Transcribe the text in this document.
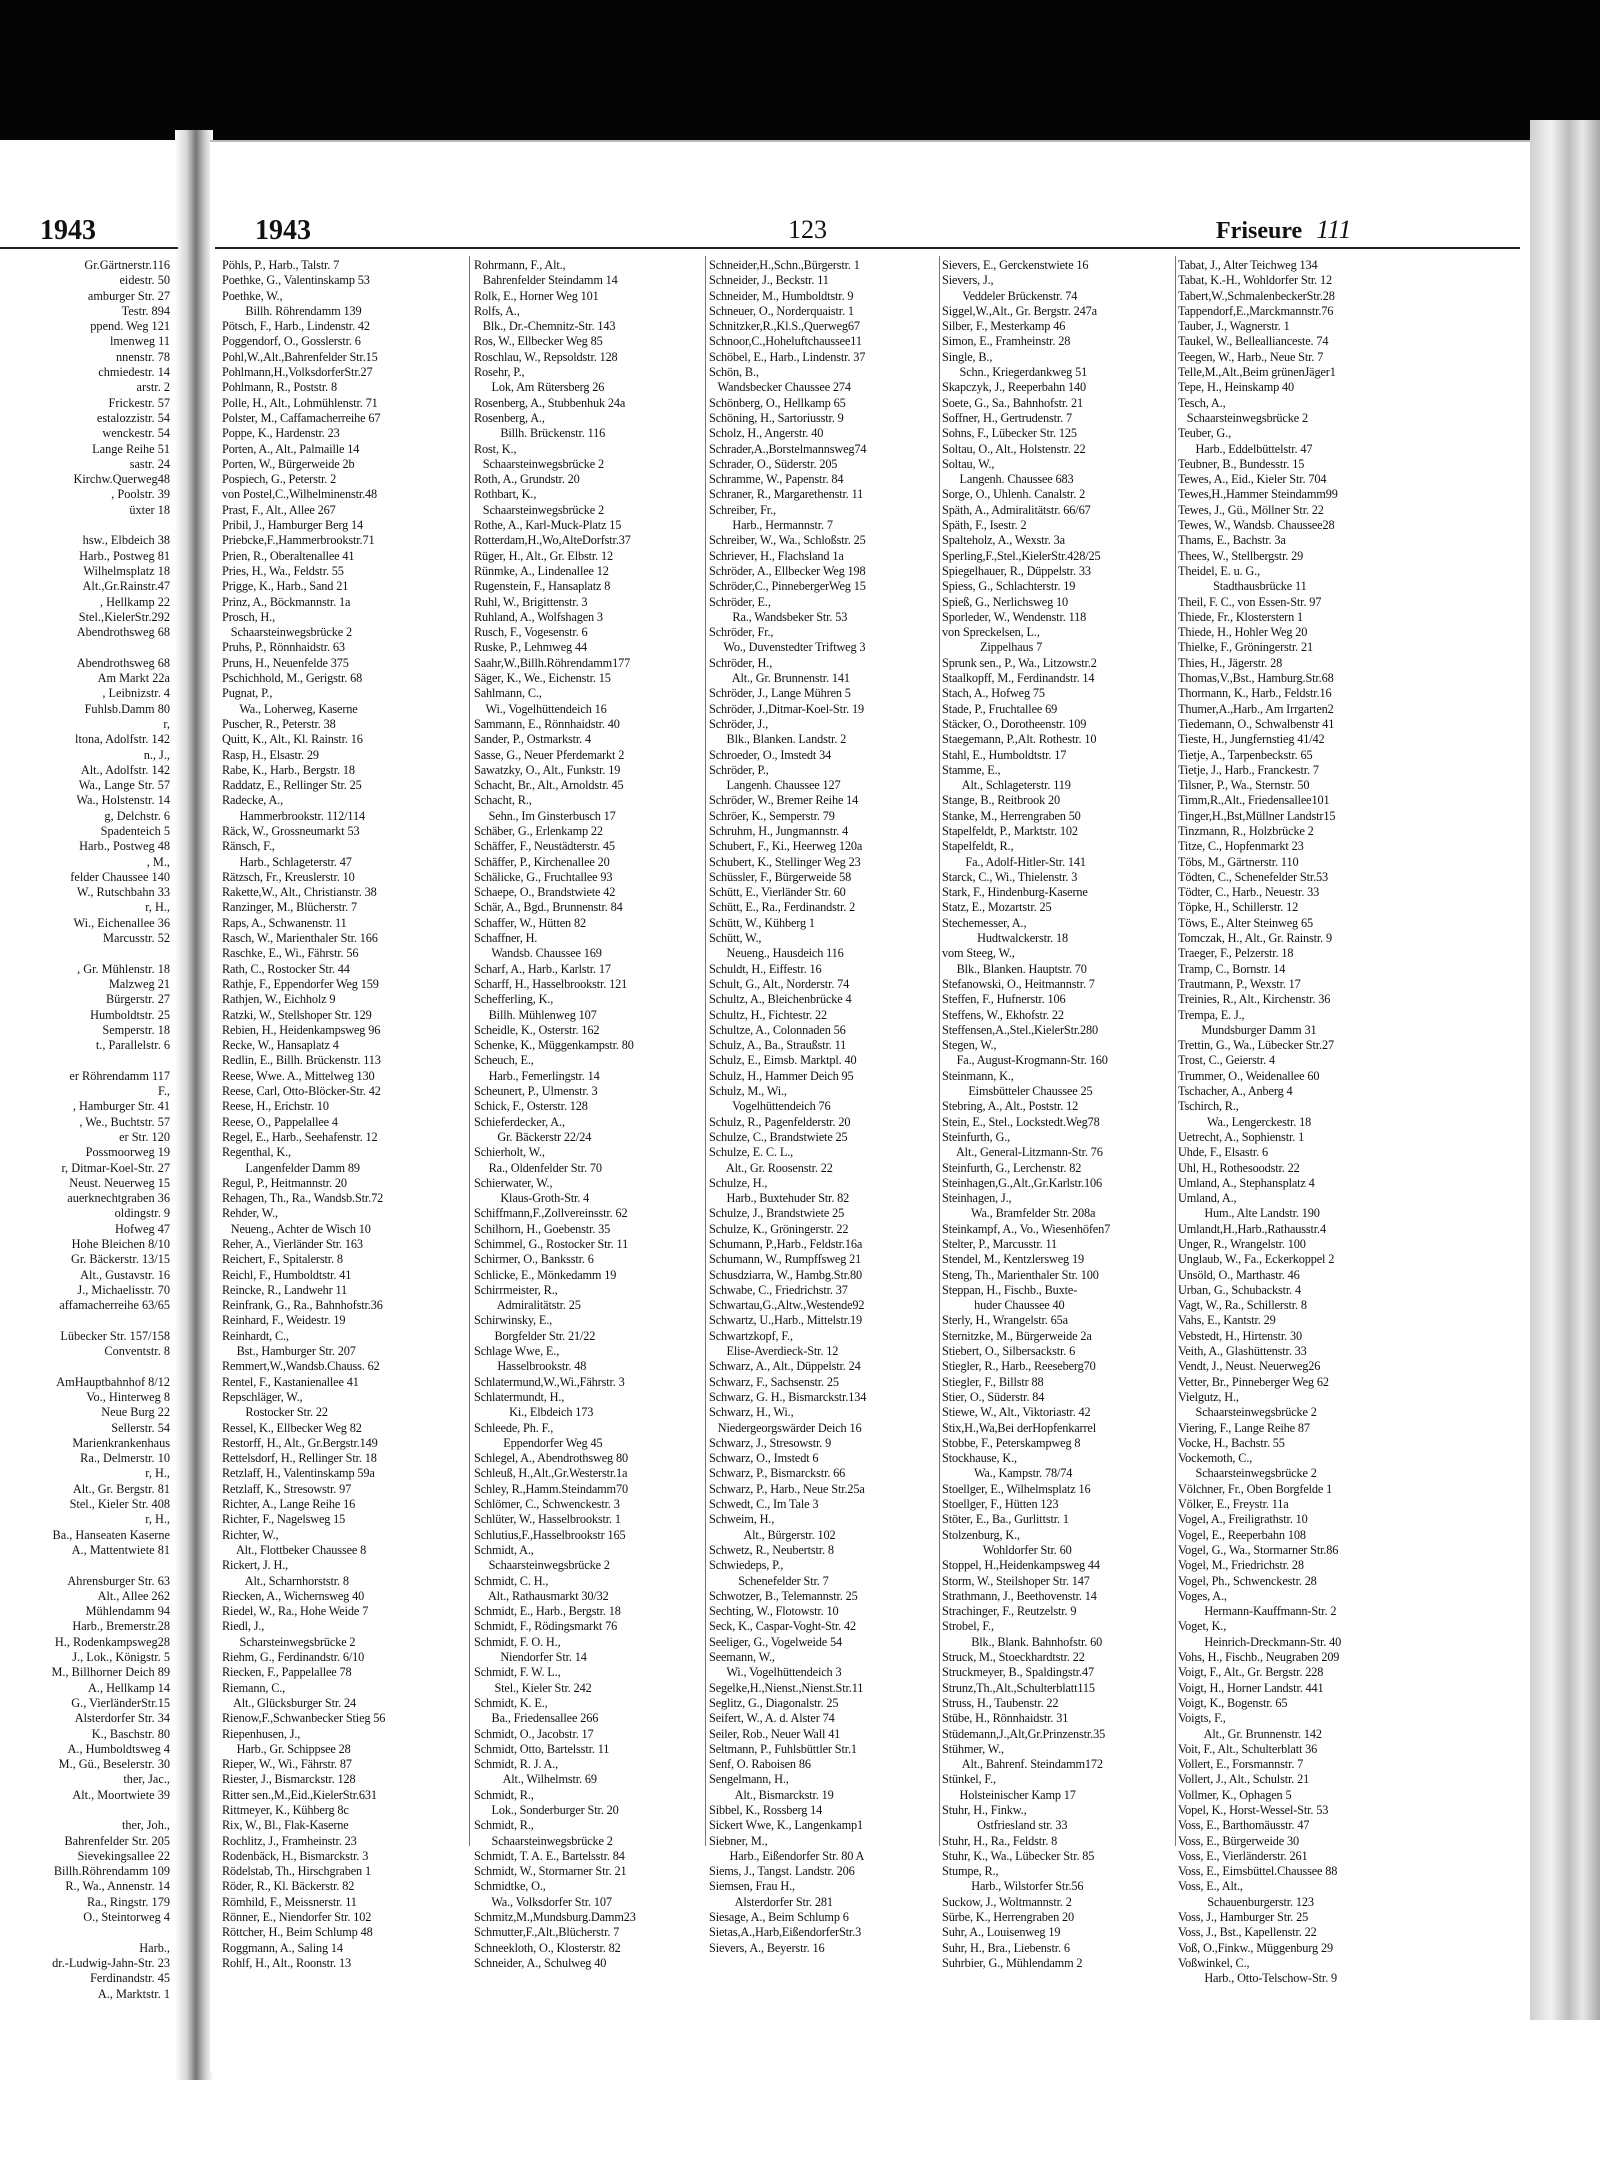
1943	1943	123	Friseure 111
Gr.Gärtnerstr.116
eidestr. 50
amburger Str. 27
Testr. 894
ppend. Weg 121
lmenweg 11
nnenstr. 78
chmiedestr. 14
arstr. 2
Frickestr. 57
estalozzistr. 54
wenckestr. 54
Lange Reihe 51
sastr. 24
Kirchw.Querweg48
, Poolstr. 39
üxter 18

hsw., Elbdeich 38
Harb., Postweg 81
Wilhelmsplatz 18
Alt.,Gr.Rainstr.47
, Hellkamp 22
Stel.,KielerStr.292
Abendrothsweg 68

Abendrothsweg 68
Am Markt 22a
, Leibnizstr. 4
Fuhlsb.Damm 80
r,
ltona, Adolfstr. 142
n., J.,
Alt., Adolfstr. 142
Wa., Lange Str. 57
Wa., Holstenstr. 14
g, Delchstr. 6
Spadenteich 5
Harb., Postweg 48
, M.,
felder Chaussee 140
W., Rutschbahn 33
r, H.,
Wi., Eichenallee 36
Marcusstr. 52

, Gr. Mühlenstr. 18
Malzweg 21
Bürgerstr. 27
Humboldtstr. 25
Semperstr. 18
t., Parallelstr. 6

er Röhrendamm 117
F.,
, Hamburger Str. 41
, We., Buchtstr. 57
er Str. 120
Possmoorweg 19
r, Ditmar-Koel-Str. 27
Neust. Neuerweg 15
auerknechtgraben 36
oldingstr. 9
Hofweg 47
Hohe Bleichen 8/10
Gr. Bäckerstr. 13/15
Alt., Gustavstr. 16
J., Michaelisstr. 70
affamacherreihe 63/65

Lübecker Str. 157/158
Conventstr. 8

AmHauptbahnhof 8/12
Vo., Hinterweg 8
Neue Burg 22
Sellerstr. 54
Marienkrankenhaus
Ra., Delmerstr. 10
r, H.,
Alt., Gr. Bergstr. 81
Stel., Kieler Str. 408
r, H.,
Ba., Hanseaten Kaserne
A., Mattentwiete 81

Ahrensburger Str. 63
Alt., Allee 262
Mühlendamm 94
Harb., Bremerstr.28
H., Rodenkampsweg28
J., Lok., Königstr. 5
M., Billhorner Deich 89
A., Hellkamp 14
G., VierländerStr.15
Alsterdorfer Str. 34
K., Baschstr. 80
A., Humboldtsweg 4
M., Gü., Beselerstr. 30
ther, Jac.,
Alt., Moortwiete 39

ther, Joh.,
Bahrenfelder Str. 205
Sievekingsallee 22
Billh.Röhrendamm 109
R., Wa., Annenstr. 14
Ra., Ringstr. 179
O., Steintorweg 4

Harb.,
dr.-Ludwig-Jahn-Str. 23
Ferdinandstr. 45
A., Marktstr. 1
Pöhls, P., Harb., Talstr. 7
Poethke, G., Valentinskamp 53
Poethke, W.,
Billh. Röhrendamm 139
Pötsch, F., Harb., Lindenstr. 42
Poggendorf, O., Gosslerstr. 6
Pohl,W.,Alt.,Bahrenfelder Str.15
Pohlmann,H.,VolksdorferStr.27
Pohlmann, R., Poststr. 8
Polle, H., Alt., Lohmühlenstr. 71
Polster, M., Caffamacherreihe 67
Poppe, K., Hardenstr. 23
Porten, A., Alt., Palmaille 14
Porten, W., Bürgerweide 2b
Pospiech, G., Peterstr. 2
von Postel,C.,Wilhelminenstr.48
Prast, F., Alt., Allee 267
Pribil, J., Hamburger Berg 14
Priebcke,F.,Hammerbrookstr.71
Prien, R., Oberaltenallee 41
Pries, H., Wa., Feldstr. 55
Prigge, K., Harb., Sand 21
Prinz, A., Böckmannstr. 1a
Prosch, H.,
Schaarsteinwegsbrücke 2
Pruhs, P., Rönnhaidstr. 63
Pruns, H., Neuenfelde 375
Pschichhold, M., Gerigstr. 68
Pugnat, P.,
Wa., Loherweg, Kaserne
Puscher, R., Peterstr. 38
Quitt, K., Alt., Kl. Rainstr. 16
Rasp, H., Elsastr. 29
Rabe, K., Harb., Bergstr. 18
Raddatz, E., Rellinger Str. 25
Radecke, A.,
Hammerbrookstr. 112/114
Räck, W., Grossneumarkt 53
Ränsch, F.,
Harb., Schlageterstr. 47
Rätzsch, Fr., Kreuslerstr. 10
Rakette,W., Alt., Christianstr. 38
Ranzinger, M., Blücherstr. 7
Raps, A., Schwanenstr. 11
Rasch, W., Marienthaler Str. 166
Raschke, E., Wi., Fährstr. 56
Rath, C., Rostocker Str. 44
Rathje, F., Eppendorfer Weg 159
Rathjen, W., Eichholz 9
Ratzki, W., Stellshoper Str. 129
Rebien, H., Heidenkampsweg 96
Recke, W., Hansaplatz 4
Redlin, E., Billh. Brückenstr. 113
Reese, Wwe. A., Mittelweg 130
Reese, Carl, Otto-Blöcker-Str. 42
Reese, H., Erichstr. 10
Reese, O., Pappelallee 4
Regel, E., Harb., Seehafenstr. 12
Regenthal, K.,
Langenfelder Damm 89
Regul, P., Heitmannstr. 20
Rehagen, Th., Ra., Wandsb.Str.72
Rehder, W.,
Neueng., Achter de Wisch 10
Reher, A., Vierländer Str. 163
Reichert, F., Spitalerstr. 8
Reichl, F., Humboldtstr. 41
Reincke, R., Landwehr 11
Reinfrank, G., Ra., Bahnhofstr.36
Reinhard, F., Weidestr. 19
Reinhardt, C.,
Bst., Hamburger Str. 207
Remmert,W.,Wandsb.Chauss. 62
Rentel, F., Kastanienallee 41
Repschläger, W.,
Rostocker Str. 22
Ressel, K., Ellbecker Weg 82
Restorff, H., Alt., Gr.Bergstr.149
Rettelsdorf, H., Rellinger Str. 18
Retzlaff, H., Valentinskamp 59a
Retzlaff, K., Stresowstr. 97
Richter, A., Lange Reihe 16
Richter, F., Nagelsweg 15
Richter, W.,
Alt., Flottbeker Chaussee 8
Rickert, J. H.,
Alt., Scharnhorststr. 8
Riecken, A., Wichernsweg 40
Riedel, W., Ra., Hohe Weide 7
Riedl, J.,
Scharsteinwegsbrücke 2
Riehm, G., Ferdinandstr. 6/10
Riecken, F., Pappelallee 78
Riemann, C.,
Alt., Glücksburger Str. 24
Rienow,F.,Schwanbecker Stieg 56
Riepenhusen, J.,
Harb., Gr. Schippsee 28
Rieper, W., Wi., Fährstr. 87
Riester, J., Bismarckstr. 128
Ritter sen.,M.,Eid.,KielerStr.631
Rittmeyer, K., Kühberg 8c
Rix, W., Bl., Flak-Kaserne
Rochlitz, J., Framheinstr. 23
Rodenbäck, H., Bismarckstr. 3
Rödelstab, Th., Hirschgraben 1
Röder, R., Kl. Bäckerstr. 82
Römhild, F., Meissnerstr. 11
Rönner, E., Niendorfer Str. 102
Röttcher, H., Beim Schlump 48
Roggmann, A., Saling 14
Rohlf, H., Alt., Roonstr. 13
Rohrmann, F., Alt.,
Bahrenfelder Steindamm 14
Rolk, E., Horner Weg 101
Rolfs, A.,
Blk., Dr.-Chemnitz-Str. 143
Ros, W., Ellbecker Weg 85
Roschlau, W., Repsoldstr. 128
Rosehr, P.,
Lok, Am Rütersberg 26
Rosenberg, A., Stubbenhuk 24a
Rosenberg, A.,
Billh. Brückenstr. 116
Rost, K.,
Schaarsteinwegsbrücke 2
Roth, A., Grundstr. 20
Rothbart, K.,
Schaarsteinwegsbrücke 2
Rothe, A., Karl-Muck-Platz 15
Rotterdam,H.,Wo,AlteDorfstr.37
Rüger, H., Alt., Gr. Elbstr. 12
Rünmke, A., Lindenallee 12
Rugenstein, F., Hansaplatz 8
Ruhl, W., Brigittenstr. 3
Ruhland, A., Wolfshagen 3
Rusch, F., Vogesenstr. 6
Ruske, P., Lehmweg 44
Saahr,W.,Billh.Röhrendamm177
Säger, K., We., Eichenstr. 15
Sahlmann, C.,
Wi., Vogelhüttendeich 16
Sammann, E., Rönnhaidstr. 40
Sander, P., Ostmarkstr. 4
Sasse, G., Neuer Pferdemarkt 2
Sawatzky, O., Alt., Funkstr. 19
Schacht, Br., Alt., Arnoldstr. 45
Schacht, R.,
Sehn., Im Ginsterbusch 17
Schäber, G., Erlenkamp 22
Schäffer, F., Neustädterstr. 45
Schäffer, P., Kirchenallee 20
Schälicke, G., Fruchtallee 93
Schaepe, O., Brandstwiete 42
Schär, A., Bgd., Brunnenstr. 84
Schaffer, W., Hütten 82
Schaffner, H.
Wandsb. Chaussee 169
Scharf, A., Harb., Karlstr. 17
Scharff, H., Hasselbrookstr. 121
Schefferling, K.,
Billh. Mühlenweg 107
Scheidle, K., Osterstr. 162
Schenke, K., Müggenkampstr. 80
Scheuch, E.,
Harb., Femerlingstr. 14
Scheunert, P., Ulmenstr. 3
Schick, F., Osterstr. 128
Schieferdecker, A.,
Gr. Bäckerstr 22/24
Schierholt, W.,
Ra., Oldenfelder Str. 70
Schierwater, W.,
Klaus-Groth-Str. 4
Schiffmann,F.,Zollvereinsstr. 62
Schilhorn, H., Goebenstr. 35
Schimmel, G., Rostocker Str. 11
Schirmer, O., Banksstr. 6
Schlicke, E., Mönkedamm 19
Schirrmeister, R.,
Admiralitätstr. 25
Schirwinsky, E.,
Borgfelder Str. 21/22
Schlage Wwe, E.,
Hasselbrookstr. 48
Schlatermund,W.,Wi.,Fährstr. 3
Schlatermundt, H.,
Ki., Elbdeich 173
Schleede, Ph. F.,
Eppendorfer Weg 45
Schlegel, A., Abendrothsweg 80
Schleuß, H.,Alt.,Gr.Westerstr.1a
Schley, R.,Hamm.Steindamm70
Schlömer, C., Schwenckestr. 3
Schlüter, W., Hasselbrookstr. 1
Schlutius,F.,Hasselbrookstr 165
Schmidt, A.,
Schaarsteinwegsbrücke 2
Schmidt, C. H.,
Alt., Rathausmarkt 30/32
Schmidt, E., Harb., Bergstr. 18
Schmidt, F., Rödingsmarkt 76
Schmidt, F. O. H.,
Niendorfer Str. 14
Schmidt, F. W. L.,
Stel., Kieler Str. 242
Schmidt, K. E.,
Ba., Friedensallee 266
Schmidt, O., Jacobstr. 17
Schmidt, Otto, Bartelsstr. 11
Schmidt, R. J. A.,
Alt., Wilhelmstr. 69
Schmidt, R.,
Lok., Sonderburger Str. 20
Schmidt, R.,
Schaarsteinwegsbrücke 2
Schmidt, T. A. E., Bartelsstr. 84
Schmidt, W., Stormarner Str. 21
Schmidtke, O.,
Wa., Volksdorfer Str. 107
Schmitz,M.,Mundsburg.Damm23
Schmutter,F.,Alt.,Blücherstr. 7
Schneekloth, O., Klosterstr. 82
Schneider, A., Schulweg 40
Schneider,H.,Schn.,Bürgerstr. 1
Schneider, J., Beckstr. 11
Schneider, M., Humboldtstr. 9
Schneuer, O., Norderquaistr. 1
Schnitzker,R.,Kl.S.,Querweg67
Schnoor,C.,Hoheluftchaussee11
Schöbel, E., Harb., Lindenstr. 37
Schön, B.,
Wandsbecker Chaussee 274
Schönberg, O., Hellkamp 65
Schöning, H., Sartoriusstr. 9
Scholz, H., Angerstr. 40
Schrader,A.,Borstelmannsweg74
Schrader, O., Süderstr. 205
Schramme, W., Papenstr. 84
Schraner, R., Margarethenstr. 11
Schreiber, Fr.,
Harb., Hermannstr. 7
Schreiber, W., Wa., Schloßstr. 25
Schriever, H., Flachsland 1a
Schröder, A., Ellbecker Weg 198
Schröder,C., PinnebergerWeg 15
Schröder, E.,
Ra., Wandsbeker Str. 53
Schröder, Fr.,
Wo., Duvenstedter Triftweg 3
Schröder, H.,
Alt., Gr. Brunnenstr. 141
Schröder, J., Lange Mühren 5
Schröder, J.,Ditmar-Koel-Str. 19
Schröder, J.,
Blk., Blanken. Landstr. 2
Schroeder, O., Imstedt 34
Schröder, P.,
Langenh. Chaussee 127
Schröder, W., Bremer Reihe 14
Schröer, K., Semperstr. 79
Schruhm, H., Jungmannstr. 4
Schubert, F., Ki., Heerweg 120a
Schubert, K., Stellinger Weg 23
Schüssler, F., Bürgerweide 58
Schütt, E., Vierländer Str. 60
Schütt, E., Ra., Ferdinandstr. 2
Schütt, W., Kühberg 1
Schütt, W.,
Neueng., Hausdeich 116
Schuldt, H., Eiffestr. 16
Schult, G., Alt., Norderstr. 74
Schultz, A., Bleichenbrücke 4
Schultz, H., Fichtestr. 22
Schultze, A., Colonnaden 56
Schulz, A., Ba., Straußstr. 11
Schulz, E., Eimsb. Marktpl. 40
Schulz, H., Hammer Deich 95
Schulz, M., Wi.,
Vogelhüttendeich 76
Schulz, R., Pagenfelderstr. 20
Schulze, C., Brandstwiete 25
Schulze, E. C. L.,
Alt., Gr. Roosenstr. 22
Schulze, H.,
Harb., Buxtehuder Str. 82
Schulze, J., Brandstwiete 25
Schulze, K., Gröningerstr. 22
Schumann, P.,Harb., Feldstr.16a
Schumann, W., Rumpffsweg 21
Schusdziarra, W., Hambg.Str.80
Schwabe, C., Friedrichstr. 37
Schwartau,G.,Altw.,Westende92
Schwartz, U.,Harb., Mittelstr.19
Schwartzkopf, F.,
Elise-Averdieck-Str. 12
Schwarz, A., Alt., Düppelstr. 24
Schwarz, F., Sachsenstr. 25
Schwarz, G. H., Bismarckstr.134
Schwarz, H., Wi.,
Niedergeorgswärder Deich 16
Schwarz, J., Stresowstr. 9
Schwarz, O., Imstedt 6
Schwarz, P., Bismarckstr. 66
Schwarz, P., Harb., Neue Str.25a
Schwedt, C., Im Tale 3
Schweim, H.,
Alt., Bürgerstr. 102
Schwetz, R., Neubertstr. 8
Schwiedeps, P.,
Schenefelder Str. 7
Schwotzer, B., Telemannstr. 25
Sechting, W., Flotowstr. 10
Seck, K., Caspar-Voght-Str. 42
Seeliger, G., Vogelweide 54
Seemann, W.,
Wi., Vogelhüttendeich 3
Segelke,H.,Nienst.,Nienst.Str.11
Seglitz, G., Diagonalstr. 25
Seifert, W., A. d. Alster 74
Seiler, Rob., Neuer Wall 41
Seltmann, P., Fuhlsbüttler Str.1
Senf, O. Raboisen 86
Sengelmann, H.,
Alt., Bismarckstr. 19
Sibbel, K., Rossberg 14
Sickert Wwe, K., Langenkamp1
Siebner, M.,
Harb., Eißendorfer Str. 80 A
Siems, J., Tangst. Landstr. 206
Siemsen, Frau H.,
Alsterdorfer Str. 281
Siesage, A., Beim Schlump 6
Sietas,A.,Harb,EißendorferStr.3
Sievers, A., Beyerstr. 16
Sievers, E., Gerckenstwiete 16
Sievers, J.,
Veddeler Brückenstr. 74
Siggel,W.,Alt., Gr. Bergstr. 247a
Silber, F., Mesterkamp 46
Simon, E., Framheinstr. 28
Single, B.,
Schn., Kriegerdankweg 51
Skapczyk, J., Reeperbahn 140
Soete, G., Sa., Bahnhofstr. 21
Soffner, H., Gertrudenstr. 7
Sohns, F., Lübecker Str. 125
Soltau, O., Alt., Holstenstr. 22
Soltau, W.,
Langenh. Chaussee 683
Sorge, O., Uhlenh. Canalstr. 2
Späth, A., Admiralitätstr. 66/67
Späth, F., Isestr. 2
Spalteholz, A., Wexstr. 3a
Sperling,F.,Stel.,KielerStr.428/25
Spiegelhauer, R., Düppelstr. 33
Spiess, G., Schlachterstr. 19
Spieß, G., Nerlichsweg 10
Sporleder, W., Wendenstr. 118
von Spreckelsen, L.,
Zippelhaus 7
Sprunk sen., P., Wa., Litzowstr.2
Staalkopff, M., Ferdinandstr. 14
Stach, A., Hofweg 75
Stade, P., Fruchtallee 69
Stäcker, O., Dorotheenstr. 109
Staegemann, P.,Alt. Rothestr. 10
Stahl, E., Humboldtstr. 17
Stamme, E.,
Alt., Schlageterstr. 119
Stange, B., Reitbrook 20
Stanke, M., Herrengraben 50
Stapelfeldt, P., Marktstr. 102
Stapelfeldt, R.,
Fa., Adolf-Hitler-Str. 141
Starck, C., Wi., Thielenstr. 3
Stark, F., Hindenburg-Kaserne
Statz, E., Mozartstr. 25
Stechemesser, A.,
Hudtwalckerstr. 18
vom Steeg, W.,
Blk., Blanken. Hauptstr. 70
Stefanowski, O., Heitmannstr. 7
Steffen, F., Hufnerstr. 106
Steffens, W., Ekhofstr. 22
Steffensen,A.,Stel.,KielerStr.280
Stegen, W.,
Fa., August-Krogmann-Str. 160
Steinmann, K.,
Eimsbütteler Chaussee 25
Stebring, A., Alt., Poststr. 12
Stein, E., Stel., Lockstedt.Weg78
Steinfurth, G.,
Alt., General-Litzmann-Str. 76
Steinfurth, G., Lerchenstr. 82
Steinhagen,G.,Alt.,Gr.Karlstr.106
Steinhagen, J.,
Wa., Bramfelder Str. 208a
Steinkampf, A., Vo., Wiesenhöfen7
Stelter, P., Marcusstr. 11
Stendel, M., Kentzlersweg 19
Steng, Th., Marienthaler Str. 100
Steppan, H., Fischb., Buxte-
huder Chaussee 40
Sterly, H., Wrangelstr. 65a
Sternitzke, M., Bürgerweide 2a
Stiebert, O., Silbersackstr. 6
Stiegler, R., Harb., Reeseberg70
Stiegler, F., Billstr 88
Stier, O., Süderstr. 84
Stiewe, W., Alt., Viktoriastr. 42
Stix,H.,Wa,Bei derHopfenkarrel
Stobbe, F., Peterskampweg 8
Stockhause, K.,
Wa., Kampstr. 78/74
Stoellger, E., Wilhelmsplatz 16
Stoellger, F., Hütten 123
Stöter, E., Ba., Gurlittstr. 1
Stolzenburg, K.,
Wohldorfer Str. 60
Stoppel, H.,Heidenkampsweg 44
Storm, W., Steilshoper Str. 147
Strathmann, J., Beethovenstr. 14
Strachinger, F., Reutzelstr. 9
Strobel, F.,
Blk., Blank. Bahnhofstr. 60
Struck, M., Stoeckhardtstr. 22
Struckmeyer, B., Spaldingstr.47
Strunz,Th.,Alt.,Schulterblatt115
Struss, H., Taubenstr. 22
Stübe, H., Rönnhaidstr. 31
Stüdemann,J.,Alt,Gr.Prinzenstr.35
Stühmer, W.,
Alt., Bahrenf. Steindamm172
Stünkel, F.,
Holsteinischer Kamp 17
Stuhr, H., Finkw.,
Ostfriesland str. 33
Stuhr, H., Ra., Feldstr. 8
Stuhr, K., Wa., Lübecker Str. 85
Stumpe, R.,
Harb., Wilstorfer Str.56
Suckow, J., Woltmannstr. 2
Sürbe, K., Herrengraben 20
Suhr, A., Louisenweg 19
Suhr, H., Bra., Liebenstr. 6
Suhrbier, G., Mühlendamm 2
Tabat, J., Alter Teichweg 134
Tabat, K.-H., Wohldorfer Str. 12
Tabert,W.,SchmalenbeckerStr.28
Tappendorf,E.,Marckmannstr.76
Tauber, J., Wagnerstr. 1
Taukel, W., Belleallianceste. 74
Teegen, W., Harb., Neue Str. 7
Telle,M.,Alt.,Beim grünenJäger1
Tepe, H., Heinskamp 40
Tesch, A.,
Schaarsteinwegsbrücke 2
Teuber, G.,
Harb., Eddelbüttelstr. 47
Teubner, B., Bundesstr. 15
Tewes, A., Eid., Kieler Str. 704
Tewes,H.,Hammer Steindamm99
Tewes, J., Gü., Möllner Str. 22
Tewes, W., Wandsb. Chaussee28
Thams, E., Bachstr. 3a
Thees, W., Stellbergstr. 29
Theidel, E. u. G.,
Stadthausbrücke 11
Theil, F. C., von Essen-Str. 97
Thiede, Fr., Klosterstern 1
Thiede, H., Hohler Weg 20
Thielke, F., Gröningerstr. 21
Thies, H., Jägerstr. 28
Thomas,V.,Bst., Hamburg.Str.68
Thormann, K., Harb., Feldstr.16
Thumer,A.,Harb., Am Irrgarten2
Tiedemann, O., Schwalbenstr 41
Tieste, H., Jungfernstieg 41/42
Tietje, A., Tarpenbeckstr. 65
Tietje, J., Harb., Franckestr. 7
Tilsner, P., Wa., Sternstr. 50
Timm,R.,Alt., Friedensallee101
Tinger,H.,Bst,Müllner Landstr15
Tinzmann, R., Holzbrücke 2
Titze, C., Hopfenmarkt 23
Töbs, M., Gärtnerstr. 110
Tödten, C., Schenefelder Str.53
Tödter, C., Harb., Neuestr. 33
Töpke, H., Schillerstr. 12
Töws, E., Alter Steinweg 65
Tomczak, H., Alt., Gr. Rainstr. 9
Traeger, F., Pelzerstr. 18
Tramp, C., Bornstr. 14
Trautmann, P., Wexstr. 17
Treinies, R., Alt., Kirchenstr. 36
Trempa, E. J.,
Mundsburger Damm 31
Trettin, G., Wa., Lübecker Str.27
Trost, C., Geierstr. 4
Trummer, O., Weidenallee 60
Tschacher, A., Anberg 4
Tschirch, R.,
Wa., Lengerckestr. 18
Uetrecht, A., Sophienstr. 1
Uhde, F., Elsastr. 6
Uhl, H., Rothesoodstr. 22
Umland, A., Stephansplatz 4
Umland, A.,
Hum., Alte Landstr. 190
Umlandt,H.,Harb.,Rathausstr.4
Unger, R., Wrangelstr. 100
Unglaub, W., Fa., Eckerkoppel 2
Unsöld, O., Marthastr. 46
Urban, G., Schubackstr. 4
Vagt, W., Ra., Schillerstr. 8
Vahs, E., Kantstr. 29
Vebstedt, H., Hirtenstr. 30
Veith, A., Glashüttenstr. 33
Vendt, J., Neust. Neuerweg26
Vetter, Br., Pinneberger Weg 62
Vielgutz, H.,
Schaarsteinwegsbrücke 2
Viering, F., Lange Reihe 87
Vocke, H., Bachstr. 55
Vockemoth, C.,
Schaarsteinwegsbrücke 2
Völchner, Fr., Oben Borgfelde 1
Völker, E., Freystr. 11a
Vogel, A., Freiligrathstr. 10
Vogel, E., Reeperbahn 108
Vogel, G., Wa., Stormarner Str.86
Vogel, M., Friedrichstr. 28
Vogel, Ph., Schwenckestr. 28
Voges, A.,
Hermann-Kauffmann-Str. 2
Voget, K.,
Heinrich-Dreckmann-Str. 40
Vohs, H., Fischb., Neugraben 209
Voigt, F., Alt., Gr. Bergstr. 228
Voigt, H., Horner Landstr. 441
Voigt, K., Bogenstr. 65
Voigts, F.,
Alt., Gr. Brunnenstr. 142
Voit, F., Alt., Schulterblatt 36
Vollert, E., Forsmannstr. 7
Vollert, J., Alt., Schulstr. 21
Vollmer, K., Ophagen 5
Vopel, K., Horst-Wessel-Str. 53
Voss, E., Barthomäusstr. 47
Voss, E., Bürgerweide 30
Voss, E., Vierländerstr. 261
Voss, E., Eimsbüttel.Chaussee 88
Voss, E., Alt.,
Schauenburgerstr. 123
Voss, J., Hamburger Str. 25
Voss, J., Bst., Kapellenstr. 22
Voß, O.,Finkw., Müggenburg 29
Voßwinkel, C.,
Harb., Otto-Telschow-Str. 9
